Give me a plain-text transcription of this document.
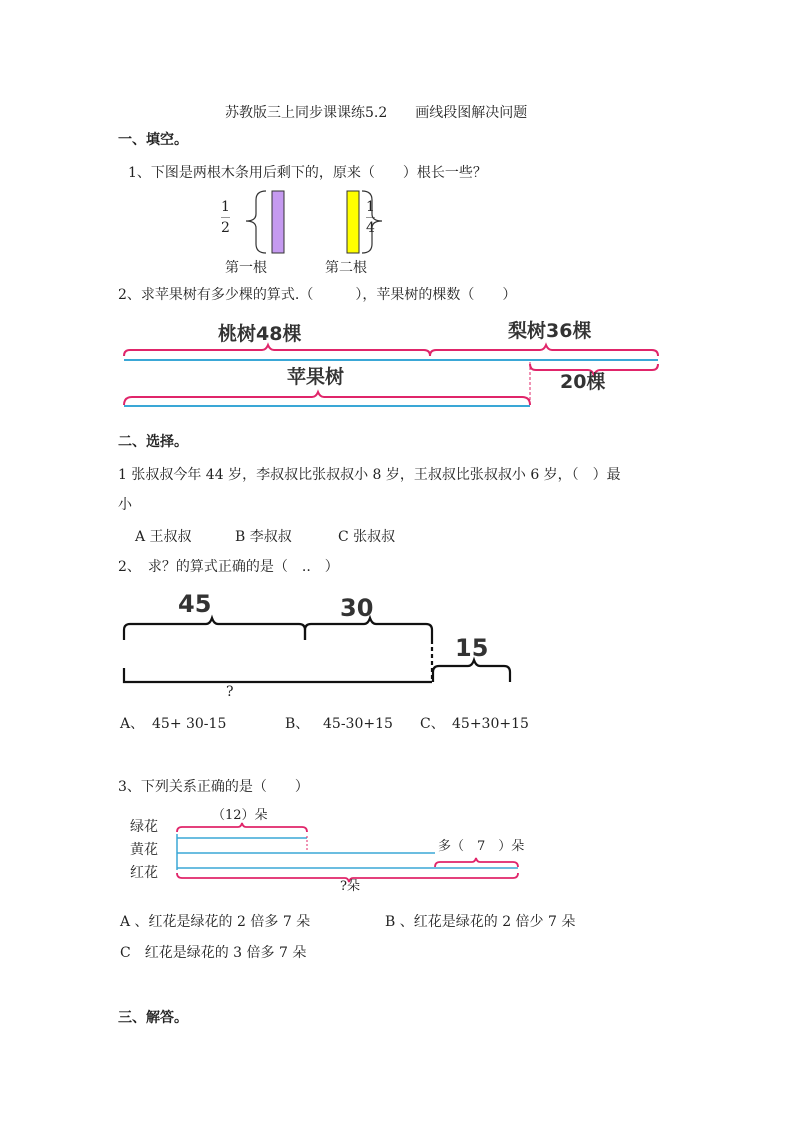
苏教版三上同步课课练5.2　　画线段图解决问题
一、填空。
1、下图是两根木条用后剩下的，原来（　　）根长一些？
1
2
1
4
第一根	第二根
2、求苹果树有多少棵的算式.（　　　），苹果树的棵数（　　）
桃树48棵	梨树36棵
苹果树	20棵
二、选择。
1 张叔叔今年 44 岁，李叔叔比张叔叔小 8 岁，王叔叔比张叔叔小 6 岁，（　）最
小
A 王叔叔	B 李叔叔	C 张叔叔
2、　求？的算式正确的是（　..　）
45	30
15
?
A、 45+ 30-15	B、 45-30+15 C、 45+30+15
3、下列关系正确的是（　　）
绿花
黄花
红花
（12）朵
多（　7　）朵
?朵
A 、红花是绿花的 2 倍多 7 朵	B 、红花是绿花的 2 倍少 7 朵
C　红花是绿花的 3 倍多 7 朵
三、解答。
